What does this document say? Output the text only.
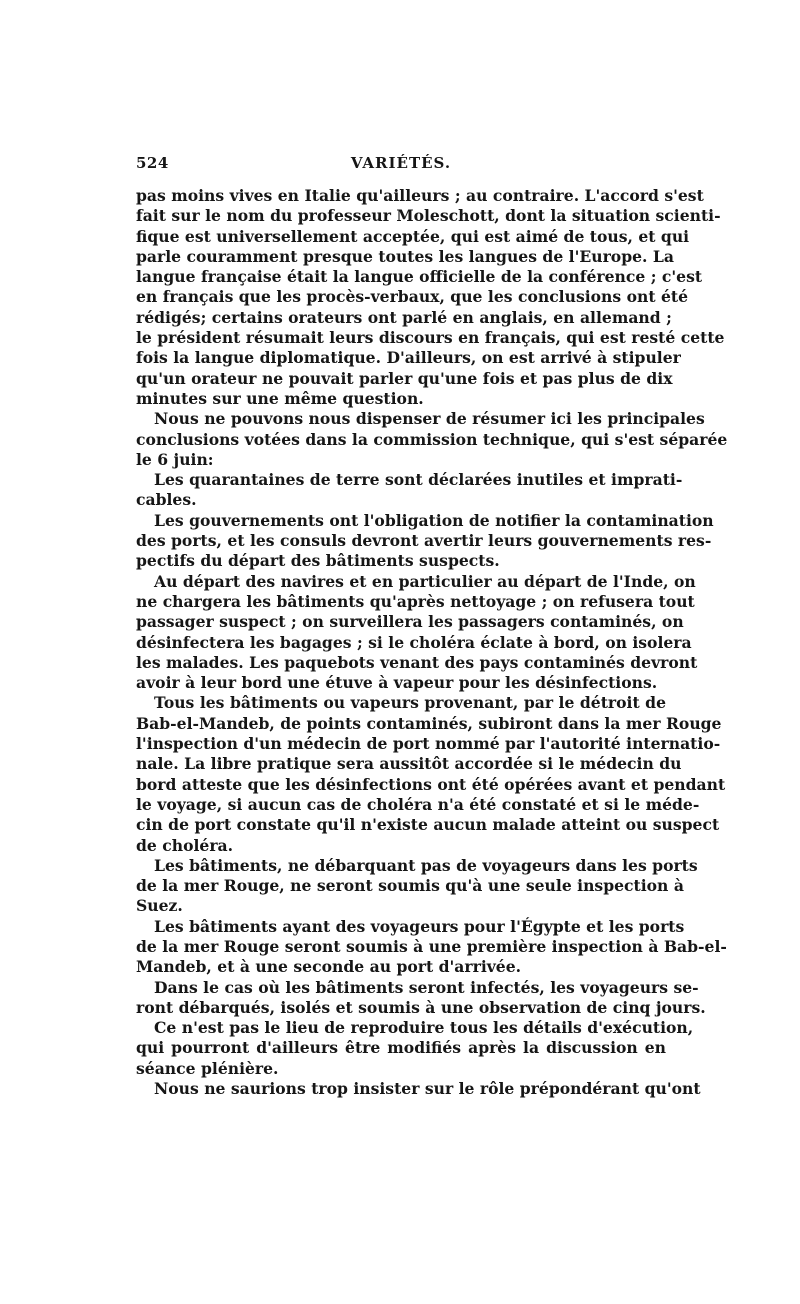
524	VARIÉTÉS.
pas moins vives en Italie qu'ailleurs ; au contraire. L'accord s'est
fait sur le nom du professeur Moleschott, dont la situation scienti-
fique est universellement acceptée, qui est aimé de tous, et qui
parle couramment presque toutes les langues de l'Europe. La
langue française était la langue officielle de la conférence ; c'est
en français que les procès-verbaux, que les conclusions ont été
rédigés; certains orateurs ont parlé en anglais, en allemand ;
le président résumait leurs discours en français, qui est resté cette
fois la langue diplomatique. D'ailleurs, on est arrivé à stipuler
qu'un orateur ne pouvait parler qu'une fois et pas plus de dix
minutes sur une même question.
Nous ne pouvons nous dispenser de résumer ici les principales
conclusions votées dans la commission technique, qui s'est séparée
le 6 juin:
Les quarantaines de terre sont déclarées inutiles et imprati-
cables.
Les gouvernements ont l'obligation de notifier la contamination
des ports, et les consuls devront avertir leurs gouvernements res-
pectifs du départ des bâtiments suspects.
Au départ des navires et en particulier au départ de l'Inde, on
ne chargera les bâtiments qu'après nettoyage ; on refusera tout
passager suspect ; on surveillera les passagers contaminés, on
désinfectera les bagages ; si le choléra éclate à bord, on isolera
les malades. Les paquebots venant des pays contaminés devront
avoir à leur bord une étuve à vapeur pour les désinfections.
Tous les bâtiments ou vapeurs provenant, par le détroit de
Bab-el-Mandeb, de points contaminés, subiront dans la mer Rouge
l'inspection d'un médecin de port nommé par l'autorité internatio-
nale. La libre pratique sera aussitôt accordée si le médecin du
bord atteste que les désinfections ont été opérées avant et pendant
le voyage, si aucun cas de choléra n'a été constaté et si le méde-
cin de port constate qu'il n'existe aucun malade atteint ou suspect
de choléra.
Les bâtiments, ne débarquant pas de voyageurs dans les ports
de la mer Rouge, ne seront soumis qu'à une seule inspection à
Suez.
Les bâtiments ayant des voyageurs pour l'Égypte et les ports
de la mer Rouge seront soumis à une première inspection à Bab-el-
Mandeb, et à une seconde au port d'arrivée.
Dans le cas où les bâtiments seront infectés, les voyageurs se-
ront débarqués, isolés et soumis à une observation de cinq jours.
Ce n'est pas le lieu de reproduire tous les détails d'exécution,
qui pourront d'ailleurs être modifiés après la discussion en
séance plénière.
Nous ne saurions trop insister sur le rôle prépondérant qu'ont
